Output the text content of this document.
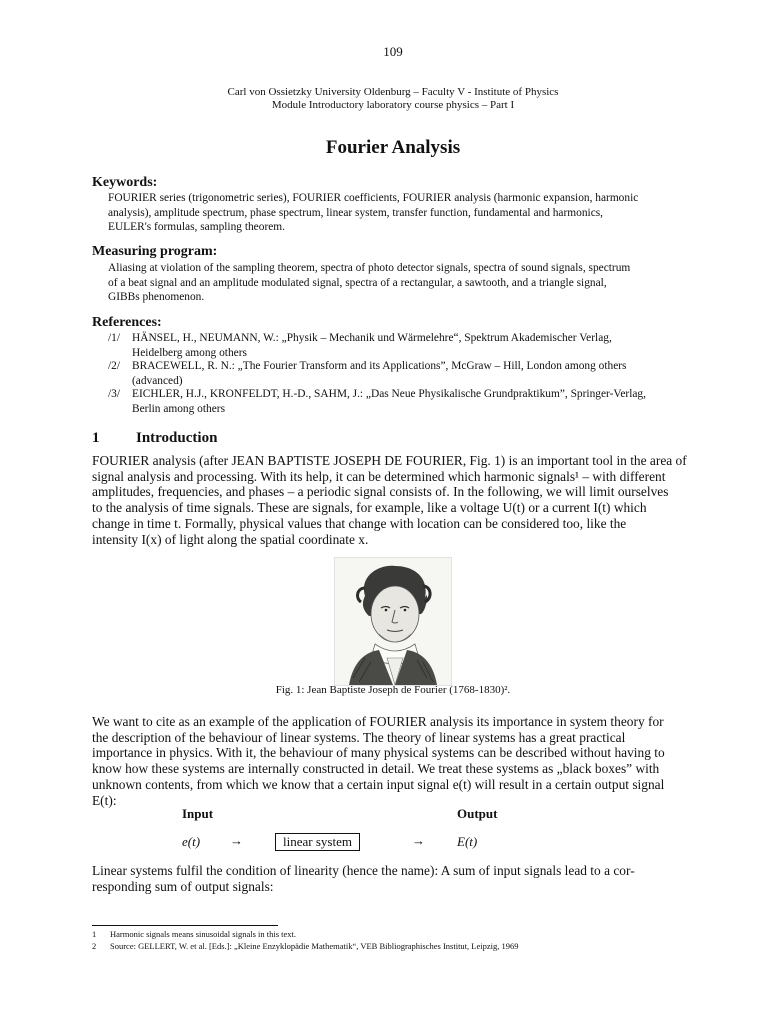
109
Carl von Ossietzky University Oldenburg – Faculty V - Institute of Physics
Module Introductory laboratory course physics – Part I
Fourier Analysis
Keywords:
FOURIER series (trigonometric series), FOURIER coefficients, FOURIER analysis (harmonic expansion, harmonic
analysis), amplitude spectrum, phase spectrum, linear system, transfer function, fundamental and harmonics,
EULER's formulas, sampling theorem.
Measuring program:
Aliasing at violation of the sampling theorem, spectra of photo detector signals, spectra of sound signals, spectrum
of a beat signal and an amplitude modulated signal, spectra of a rectangular, a sawtooth, and a triangle signal,
GIBBs phenomenon.
References:
/1/	HÄNSEL, H., NEUMANN, W.: „Physik – Mechanik und Wärmelehre“, Spektrum Akademischer Verlag,
Heidelberg among others
/2/	BRACEWELL, R. N.: „The Fourier Transform and its Applications”, McGraw – Hill, London among others
(advanced)
/3/	EICHLER, H.J., KRONFELDT, H.-D., SAHM, J.: „Das Neue Physikalische Grundpraktikum”, Springer-Verlag,
Berlin among others
1 Introduction
FOURIER analysis (after JEAN BAPTISTE JOSEPH DE FOURIER, Fig. 1) is an important tool in the area of
signal analysis and processing. With its help, it can be determined which harmonic signals¹ – with different
amplitudes, frequencies, and phases – a periodic signal consists of. In the following, we will limit ourselves
to the analysis of time signals. These are signals, for example, like a voltage U(t) or a current I(t) which
change in time t. Formally, physical values that change with location can be considered too, like the
intensity I(x) of light along the spatial coordinate x.
Fig. 1: Jean Baptiste Joseph de Fourier (1768-1830)².
We want to cite as an example of the application of FOURIER analysis its importance in system theory for
the description of the behaviour of linear systems. The theory of linear systems has a great practical
importance in physics. With it, the behaviour of many physical systems can be described without having to
know how these systems are internally constructed in detail. We treat these systems as „black boxes” with
unknown contents, from which we know that a certain input signal e(t) will result in a certain output signal
E(t):
Input	Output
e(t) →	linear system	→ E(t)
Linear systems fulfil the condition of linearity (hence the name): A sum of input signals lead to a cor-
responding sum of output signals:
1 Harmonic signals means sinusoidal signals in this text.
2 Source: GELLERT, W. et al. [Eds.]: „Kleine Enzyklopädie Mathematik“, VEB Bibliographisches Institut, Leipzig, 1969
